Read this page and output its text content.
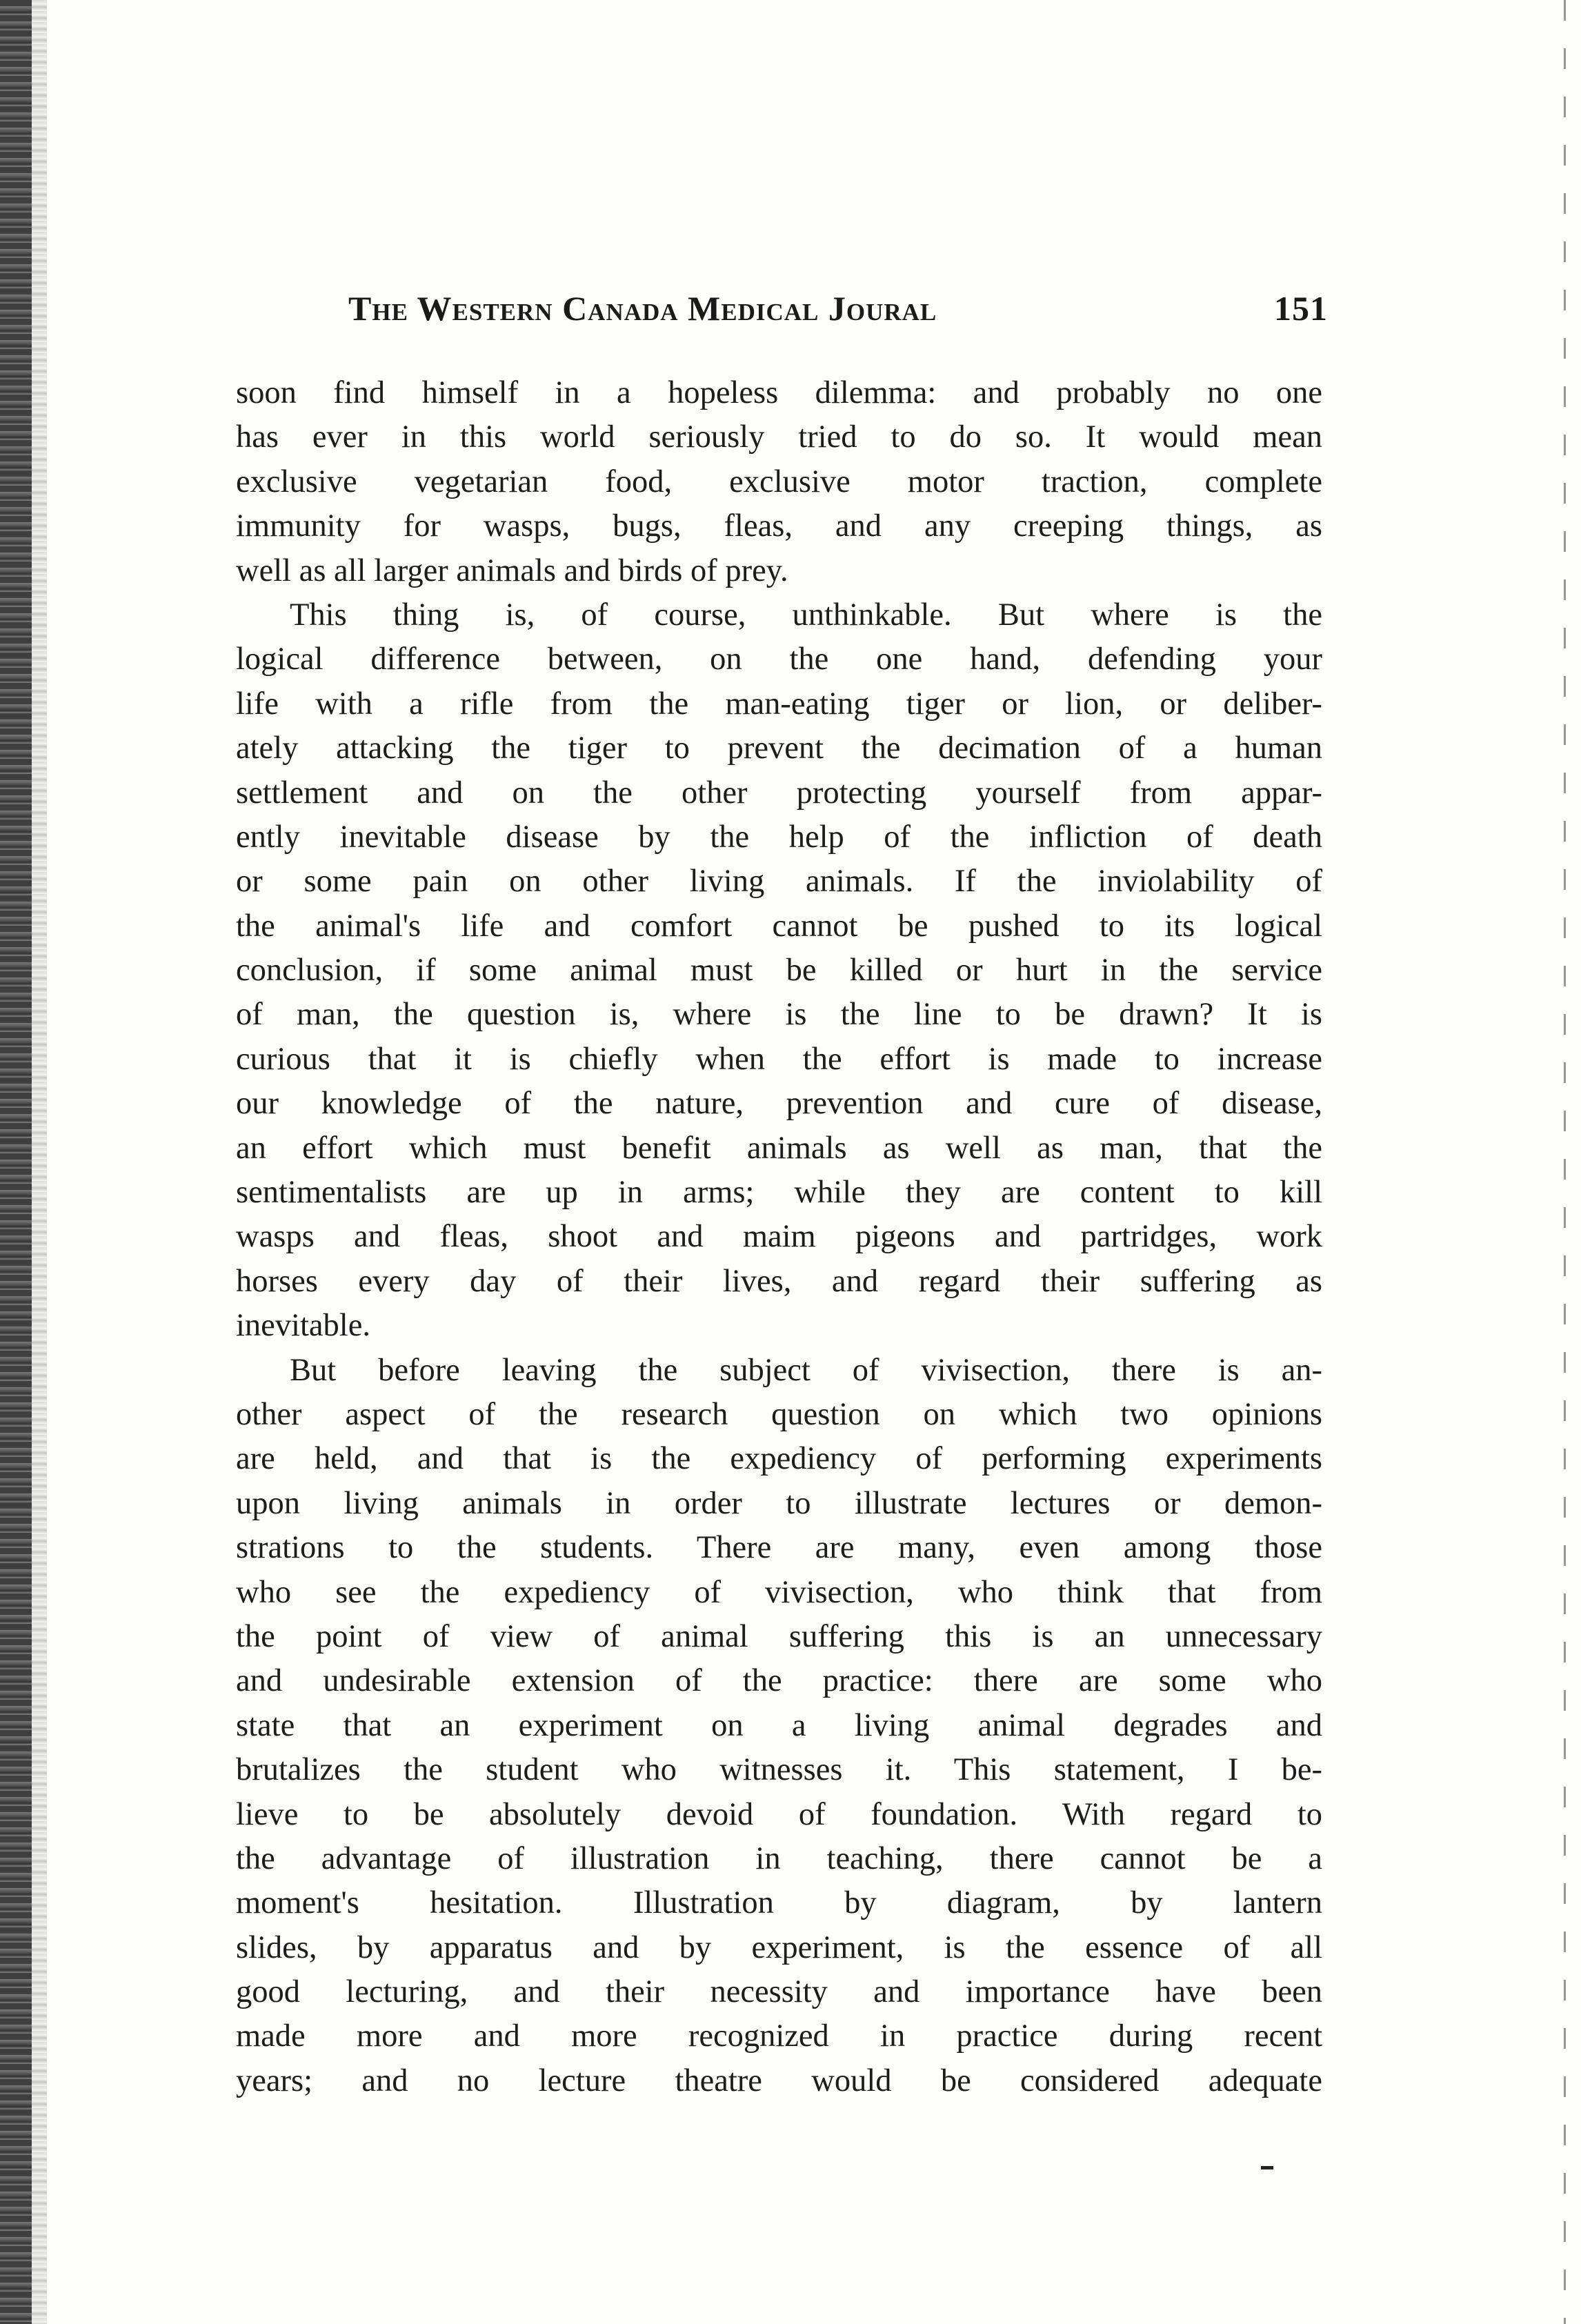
The Western Canada Medical Joural	151
soon find himself in a hopeless dilemma: and probably no one
has ever in this world seriously tried to do so. It would mean
exclusive vegetarian food, exclusive motor traction, complete
immunity for wasps, bugs, fleas, and any creeping things, as
well as all larger animals and birds of prey.
This thing is, of course, unthinkable. But where is the
logical difference between, on the one hand, defending your
life with a rifle from the man-eating tiger or lion, or deliber-
ately attacking the tiger to prevent the decimation of a human
settlement and on the other protecting yourself from appar-
ently inevitable disease by the help of the infliction of death
or some pain on other living animals. If the inviolability of
the animal's life and comfort cannot be pushed to its logical
conclusion, if some animal must be killed or hurt in the service
of man, the question is, where is the line to be drawn? It is
curious that it is chiefly when the effort is made to increase
our knowledge of the nature, prevention and cure of disease,
an effort which must benefit animals as well as man, that the
sentimentalists are up in arms; while they are content to kill
wasps and fleas, shoot and maim pigeons and partridges, work
horses every day of their lives, and regard their suffering as
inevitable.
But before leaving the subject of vivisection, there is an-
other aspect of the research question on which two opinions
are held, and that is the expediency of performing experiments
upon living animals in order to illustrate lectures or demon-
strations to the students. There are many, even among those
who see the expediency of vivisection, who think that from
the point of view of animal suffering this is an unnecessary
and undesirable extension of the practice: there are some who
state that an experiment on a living animal degrades and
brutalizes the student who witnesses it. This statement, I be-
lieve to be absolutely devoid of foundation. With regard to
the advantage of illustration in teaching, there cannot be a
moment's hesitation. Illustration by diagram, by lantern
slides, by apparatus and by experiment, is the essence of all
good lecturing, and their necessity and importance have been
made more and more recognized in practice during recent
years; and no lecture theatre would be considered adequate
